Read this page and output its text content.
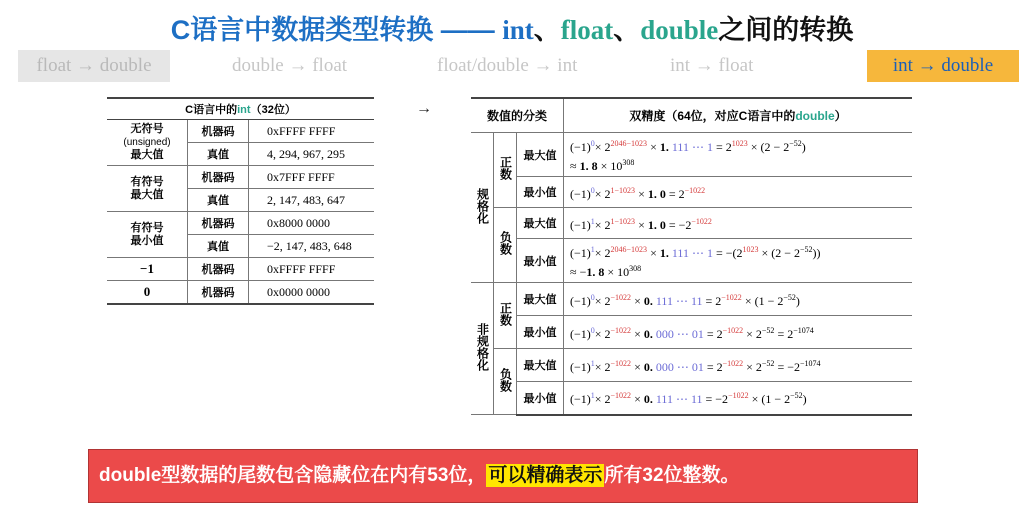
C语言中数据类型转换 —— int、float、double之间的转换
float → double	double → float	float/double → int	int → float	int → double
C语言中的int（32位）		
无符号
(unsigned)
最大值	机器码	0xFFFF FFFF
	真值	4, 294, 967, 295
有符号
最大值	机器码	0x7FFF FFFF
	真值	2, 147, 483, 647
有符号
最小值	机器码	0x8000 0000
	真值	−2, 147, 483, 648
−1	机器码	0xFFFF FFFF
0	机器码	0x0000 0000
→	数值的分类			双精度（64位，对应C语言中的double）
规格化	正数	最大值	$(-1)^0\times 2^{2046-1023} \times 1$. 111 ⋯ $1 = 2^{1023} \times (2 - 2^{-52})$
≈ 1. $8 \times 10^{308}$
		最小值	$(-1)^0\times 2^{1-1023} \times 1$. $0 = 2^{-1022}$
	负数	最大值	$(-1)^1\times 2^{1-1023} \times 1$. $0 = -2^{-1022}$
		最小值	$(-1)^1\times 2^{2046-1023} \times 1$. 111 ⋯ $1 = -(2^{1023} \times (2 - 2^{-52}))$
≈ −1. $8 \times 10^{308}$
非规格化	正数	最大值	$(-1)^0\times 2^{-1022} \times 0$. 111 ⋯ $11 = 2^{-1022} \times (1 - 2^{-52})$
		最小值	$(-1)^0\times 2^{-1022} \times 0$. 000 ⋯ $01 = 2^{-1022} \times 2^{-52} = 2^{-1074}$
	负数	最大值	$(-1)^1\times 2^{-1022} \times 0$. 000 ⋯ $01 = 2^{-1022} \times 2^{-52} = -2^{-1074}$
		最小值	$(-1)^1\times 2^{-1022} \times 0$. 111 ⋯ $11 = -2^{-1022} \times (1 - 2^{-52})$
double型数据的尾数包含隐藏位在内有53位， 可以精确表示 所有32位整数。
